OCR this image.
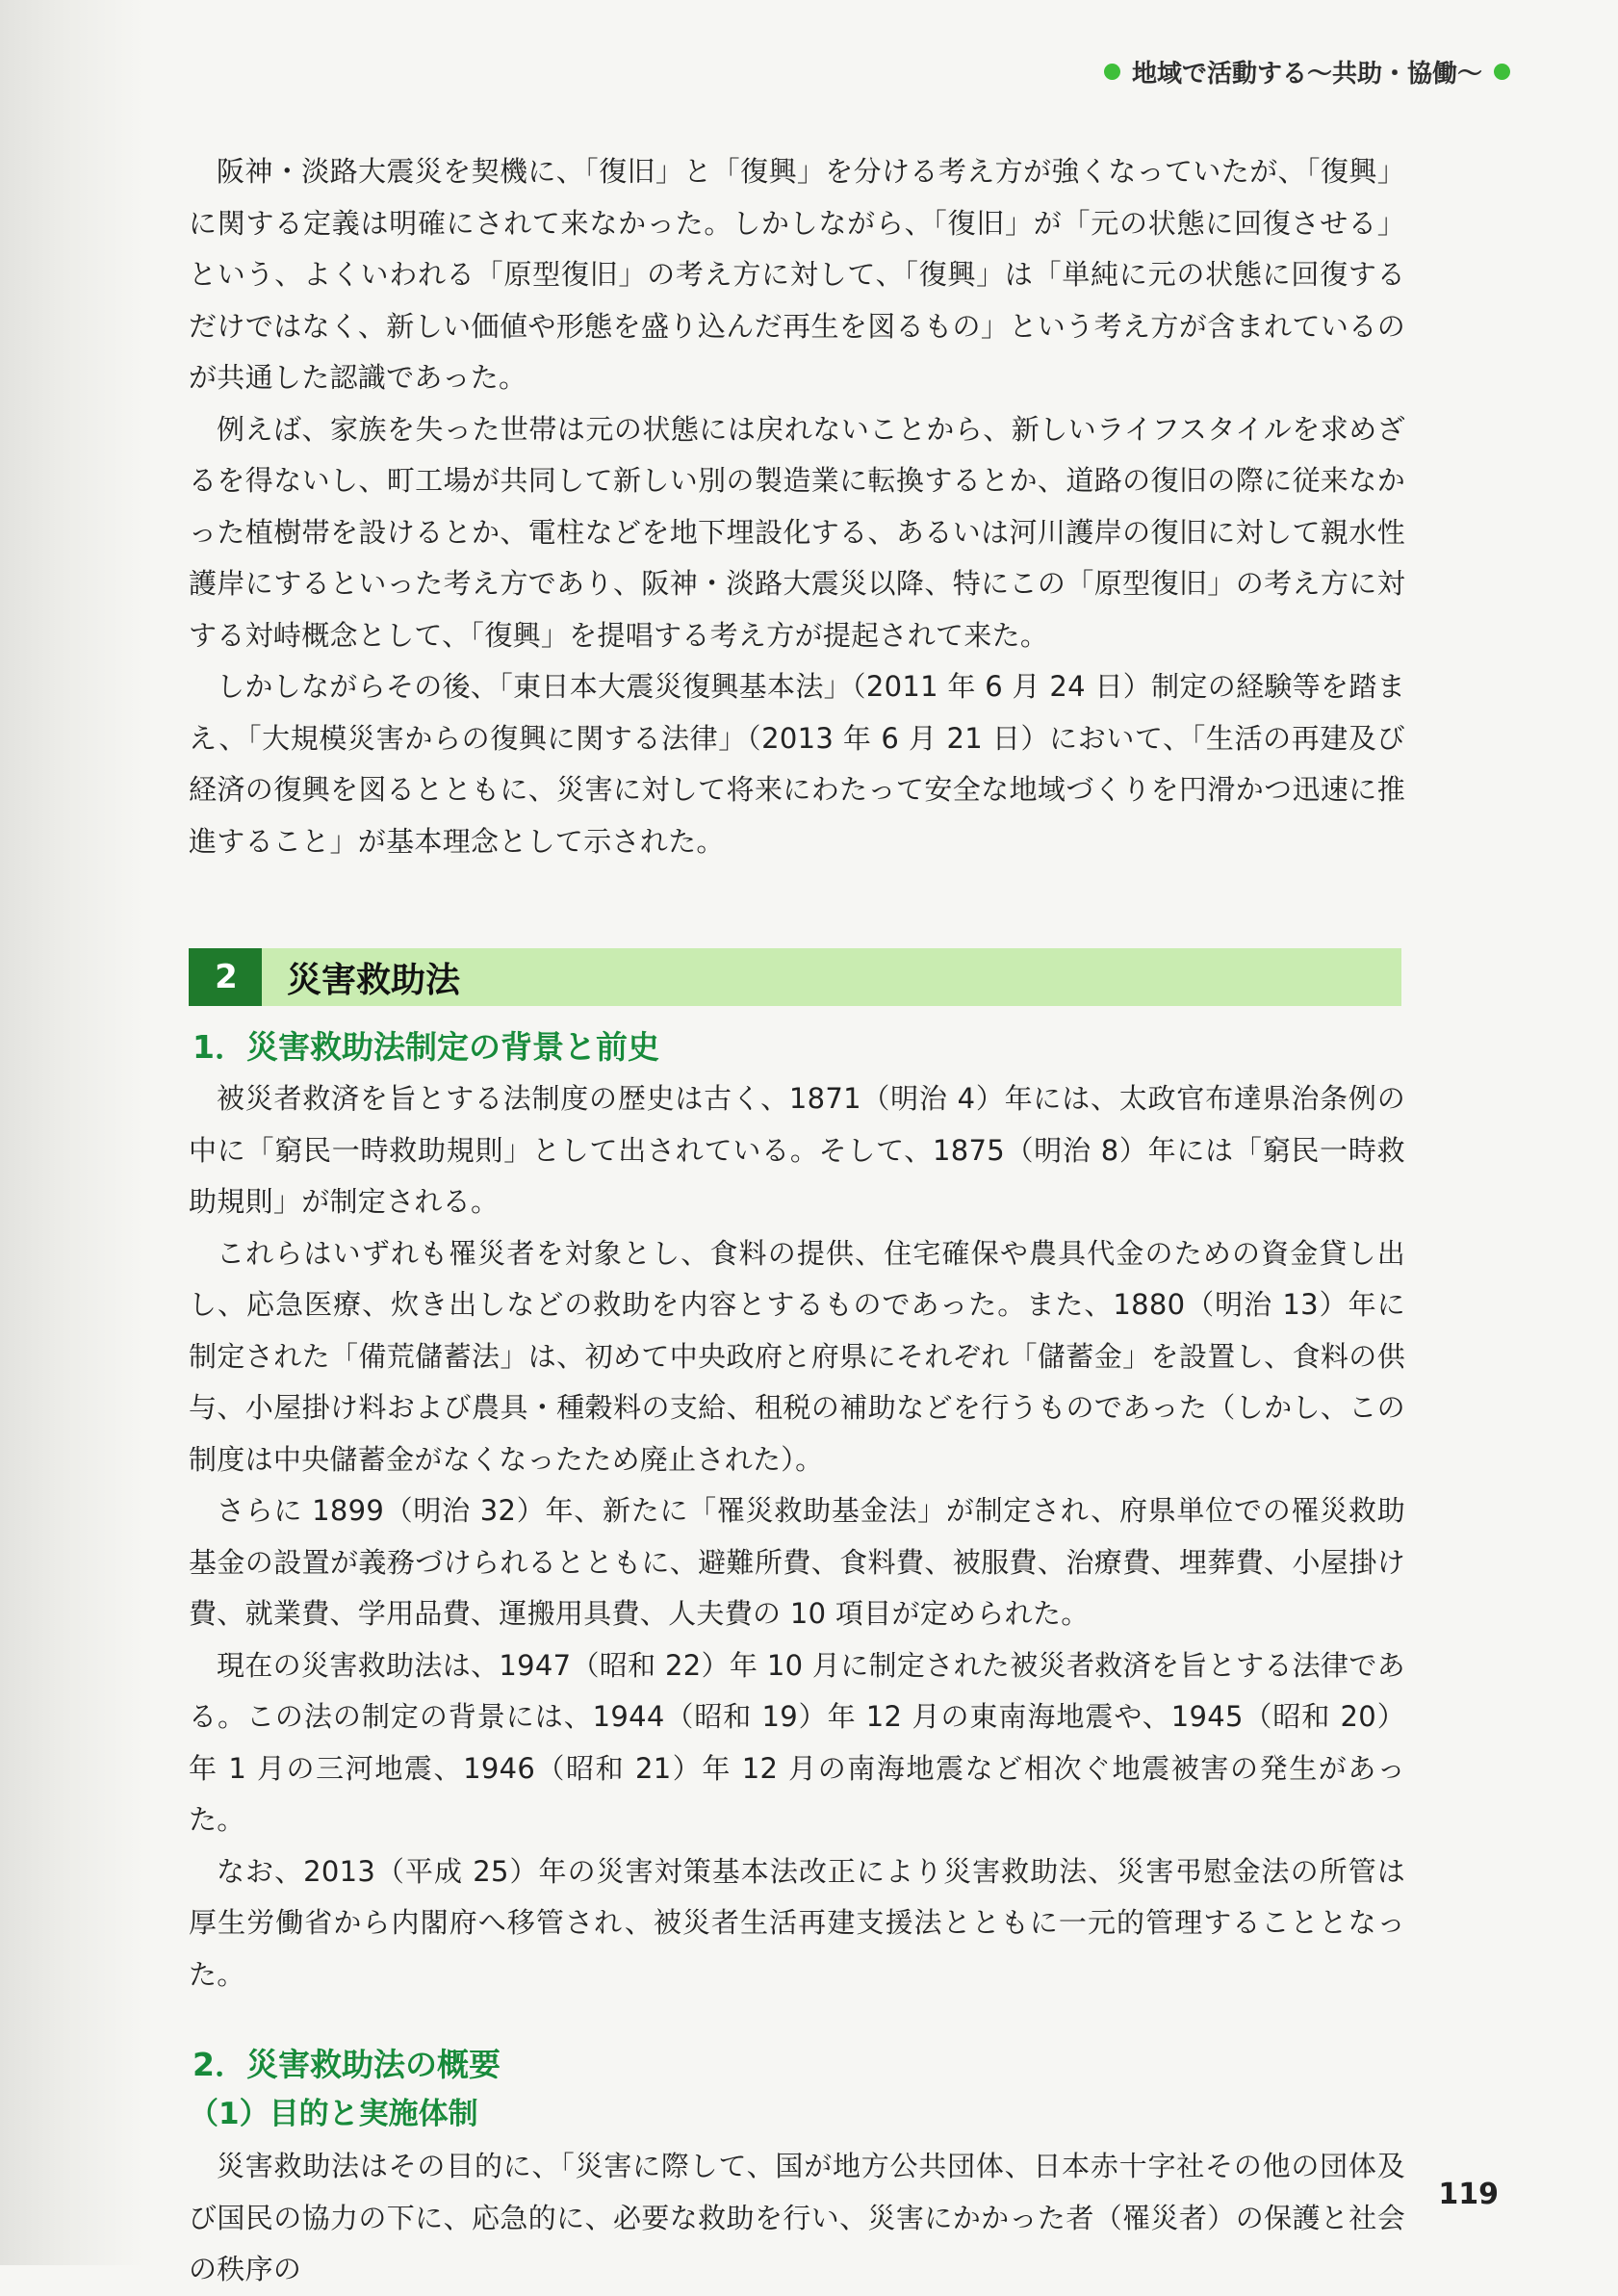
地域で活動する〜共助・協働〜

阪神・淡路大震災を契機に、「復旧」と「復興」を分ける考え方が強くなっていたが、「復興」に関する定義は明確にされて来なかった。しかしながら、「復旧」が「元の状態に回復させる」という、よくいわれる「原型復旧」の考え方に対して、「復興」は「単純に元の状態に回復するだけではなく、新しい価値や形態を盛り込んだ再生を図るもの」という考え方が含まれているのが共通した認識であった。

例えば、家族を失った世帯は元の状態には戻れないことから、新しいライフスタイルを求めざるを得ないし、町工場が共同して新しい別の製造業に転換するとか、道路の復旧の際に従来なかった植樹帯を設けるとか、電柱などを地下埋設化する、あるいは河川護岸の復旧に対して親水性護岸にするといった考え方であり、阪神・淡路大震災以降、特にこの「原型復旧」の考え方に対する対峙概念として、「復興」を提唱する考え方が提起されて来た。

しかしながらその後、「東日本大震災復興基本法」（2011 年 6 月 24 日）制定の経験等を踏まえ、「大規模災害からの復興に関する法律」（2013 年 6 月 21 日）において、「生活の再建及び経済の復興を図るとともに、災害に対して将来にわたって安全な地域づくりを円滑かつ迅速に推進すること」が基本理念として示された。

2	災害救助法
1．災害救助法制定の背景と前史

被災者救済を旨とする法制度の歴史は古く、1871（明治 4）年には、太政官布達県治条例の中に「窮民一時救助規則」として出されている。そして、1875（明治 8）年には「窮民一時救助規則」が制定される。

これらはいずれも罹災者を対象とし、食料の提供、住宅確保や農具代金のための資金貸し出し、応急医療、炊き出しなどの救助を内容とするものであった。また、1880（明治 13）年に制定された「備荒儲蓄法」は、初めて中央政府と府県にそれぞれ「儲蓄金」を設置し、食料の供与、小屋掛け料および農具・種穀料の支給、租税の補助などを行うものであった（しかし、この制度は中央儲蓄金がなくなったため廃止された）。

さらに 1899（明治 32）年、新たに「罹災救助基金法」が制定され、府県単位での罹災救助基金の設置が義務づけられるとともに、避難所費、食料費、被服費、治療費、埋葬費、小屋掛け費、就業費、学用品費、運搬用具費、人夫費の 10 項目が定められた。

現在の災害救助法は、1947（昭和 22）年 10 月に制定された被災者救済を旨とする法律である。この法の制定の背景には、1944（昭和 19）年 12 月の東南海地震や、1945（昭和 20）年 1 月の三河地震、1946（昭和 21）年 12 月の南海地震など相次ぐ地震被害の発生があった。

なお、2013（平成 25）年の災害対策基本法改正により災害救助法、災害弔慰金法の所管は厚生労働省から内閣府へ移管され、被災者生活再建支援法とともに一元的管理することとなった。

2．災害救助法の概要
（1）目的と実施体制

災害救助法はその目的に、「災害に際して、国が地方公共団体、日本赤十字社その他の団体及び国民の協力の下に、応急的に、必要な救助を行い、災害にかかった者（罹災者）の保護と社会の秩序の

119
